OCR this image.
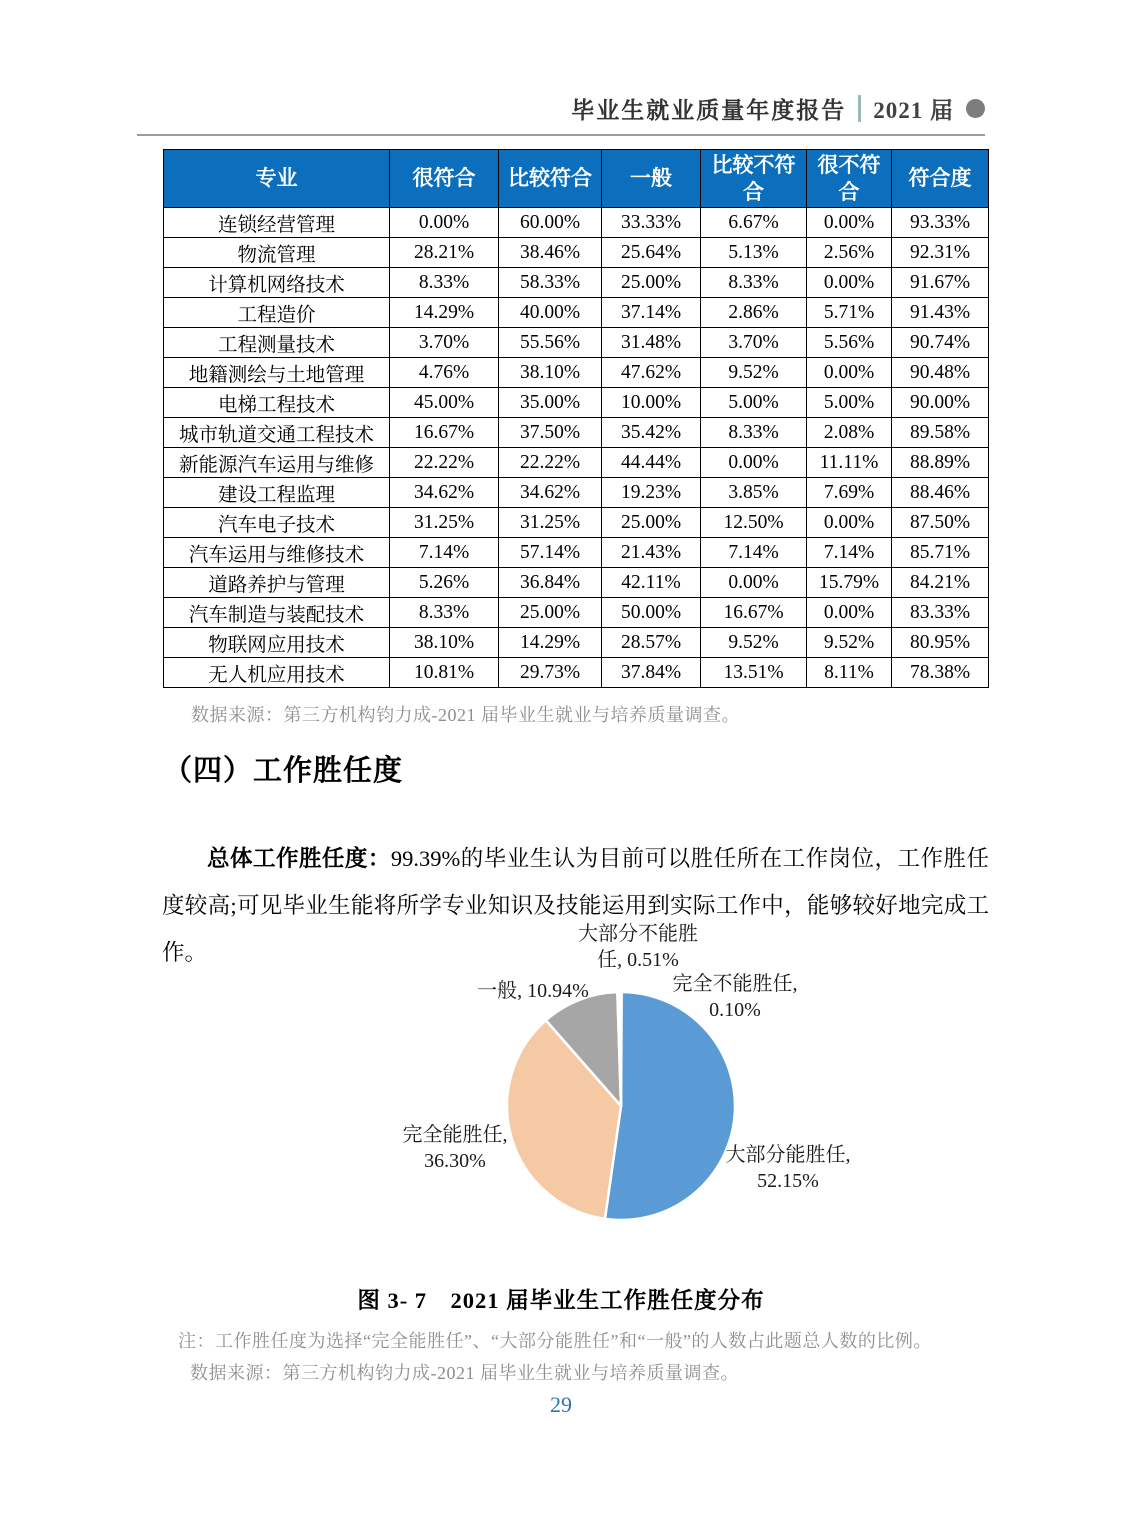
毕业生就业质量年度报告 2021 届
专业	很符合	比较符合	一般	比较不符合	很不符合	符合度
连锁经营管理	0.00%	60.00%	33.33%	6.67%	0.00%	93.33%
物流管理	28.21%	38.46%	25.64%	5.13%	2.56%	92.31%
计算机网络技术	8.33%	58.33%	25.00%	8.33%	0.00%	91.67%
工程造价	14.29%	40.00%	37.14%	2.86%	5.71%	91.43%
工程测量技术	3.70%	55.56%	31.48%	3.70%	5.56%	90.74%
地籍测绘与土地管理	4.76%	38.10%	47.62%	9.52%	0.00%	90.48%
电梯工程技术	45.00%	35.00%	10.00%	5.00%	5.00%	90.00%
城市轨道交通工程技术	16.67%	37.50%	35.42%	8.33%	2.08%	89.58%
新能源汽车运用与维修	22.22%	22.22%	44.44%	0.00%	11.11%	88.89%
建设工程监理	34.62%	34.62%	19.23%	3.85%	7.69%	88.46%
汽车电子技术	31.25%	31.25%	25.00%	12.50%	0.00%	87.50%
汽车运用与维修技术	7.14%	57.14%	21.43%	7.14%	7.14%	85.71%
道路养护与管理	5.26%	36.84%	42.11%	0.00%	15.79%	84.21%
汽车制造与装配技术	8.33%	25.00%	50.00%	16.67%	0.00%	83.33%
物联网应用技术	38.10%	14.29%	28.57%	9.52%	9.52%	80.95%
无人机应用技术	10.81%	29.73%	37.84%	13.51%	8.11%	78.38%
数据来源：第三方机构钧力成-2021 届毕业生就业与培养质量调查。
（四）工作胜任度

总体工作胜任度：99.39%的毕业生认为目前可以胜任所在工作岗位，工作胜任度较高;可见毕业生能将所学专业知识及技能运用到实际工作中，能够较好地完成工作。

完全不能胜任,
0.10%
大部分能胜任,
52.15%
完全能胜任,
36.30%
一般, 10.94%
大部分不能胜
任, 0.51%
图 3- 7　2021 届毕业生工作胜任度分布
注：工作胜任度为选择“完全能胜任”、“大部分能胜任”和“一般”的人数占此题总人数的比例。
数据来源：第三方机构钧力成-2021 届毕业生就业与培养质量调查。
29
